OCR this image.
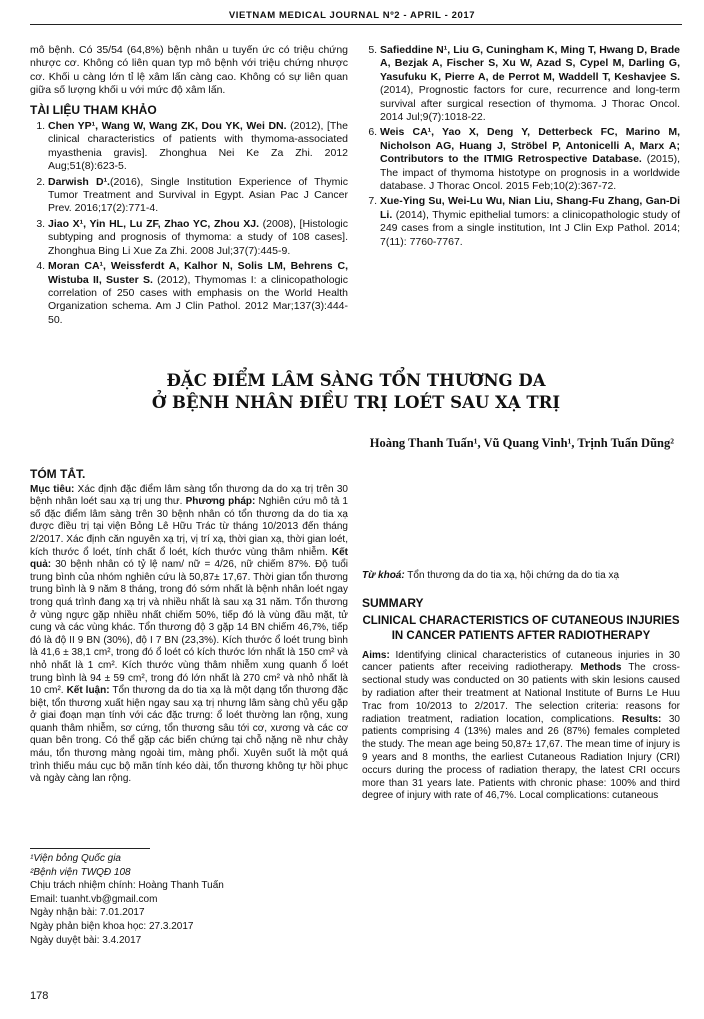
VIETNAM MEDICAL JOURNAL Nº2 - APRIL - 2017

mô bệnh. Có 35/54 (64,8%) bệnh nhân u tuyến ức có triệu chứng nhược cơ. Không có liên quan typ mô bệnh với triệu chứng nhược cơ. Khối u càng lớn tỉ lệ xâm lấn càng cao. Không có sự liên quan giữa số lượng khối u với mức độ xâm lấn.

TÀI LIỆU THAM KHẢO
1. Chen YP¹, Wang W, Wang ZK, Dou YK, Wei DN. (2012), [The clinical characteristics of patients with thymoma-associated myasthenia gravis]. Zhonghua Nei Ke Za Zhi. 2012 Aug;51(8):623-5.
2. Darwish D¹.(2016), Single Institution Experience of Thymic Tumor Treatment and Survival in Egypt. Asian Pac J Cancer Prev. 2016;17(2):771-4.
3. Jiao X¹, Yin HL, Lu ZF, Zhao YC, Zhou XJ. (2008), [Histologic subtyping and prognosis of thymoma: a study of 108 cases]. Zhonghua Bing Li Xue Za Zhi. 2008 Jul;37(7):445-9.
4. Moran CA¹, Weissferdt A, Kalhor N, Solis LM, Behrens C, Wistuba II, Suster S. (2012), Thymomas I: a clinicopathologic correlation of 250 cases with emphasis on the World Health Organization schema. Am J Clin Pathol. 2012 Mar;137(3):444-50.
5. Safieddine N¹, Liu G, Cuningham K, Ming T, Hwang D, Brade A, Bezjak A, Fischer S, Xu W, Azad S, Cypel M, Darling G, Yasufuku K, Pierre A, de Perrot M, Waddell T, Keshavjee S. (2014), Prognostic factors for cure, recurrence and long-term survival after surgical resection of thymoma. J Thorac Oncol. 2014 Jul;9(7):1018-22.
6. Weis CA¹, Yao X, Deng Y, Detterbeck FC, Marino M, Nicholson AG, Huang J, Ströbel P, Antonicelli A, Marx A; Contributors to the ITMIG Retrospective Database. (2015), The impact of thymoma histotype on prognosis in a worldwide database. J Thorac Oncol. 2015 Feb;10(2):367-72.
7. Xue-Ying Su, Wei-Lu Wu, Nian Liu, Shang-Fu Zhang, Gan-Di Li. (2014), Thymic epithelial tumors: a clinicopathologic study of 249 cases from a single institution, Int J Clin Exp Pathol. 2014; 7(11): 7760-7767.
ĐẶC ĐIỂM LÂM SÀNG TỔN THƯƠNG DA
Ở BỆNH NHÂN ĐIỀU TRỊ LOÉT SAU XẠ TRỊ
Hoàng Thanh Tuấn¹, Vũ Quang Vinh¹, Trịnh Tuấn Dũng²
TÓM TẮT.

Mục tiêu: Xác định đặc điểm lâm sàng tổn thương da do xạ trị trên 30 bệnh nhân loét sau xạ trị ung thư. Phương pháp: Nghiên cứu mô tả 1 số đặc điểm lâm sàng trên 30 bệnh nhân có tổn thương da do tia xạ được điều trị tại viện Bỏng Lê Hữu Trác từ tháng 10/2013 đến tháng 2/2017. Xác định căn nguyên xạ trị, vị trí xạ, thời gian xạ, thời gian loét, kích thước ổ loét, tính chất ổ loét, kích thước vùng thâm nhiễm. Kết quả: 30 bệnh nhân có tỷ lệ nam/ nữ = 4/26, nữ chiếm 87%. Độ tuổi trung bình của nhóm nghiên cứu là 50,87± 17,67. Thời gian tổn thương trung bình là 9 năm 8 tháng, trong đó sớm nhất là bệnh nhân loét ngay trong quá trình đang xạ trị và nhiều nhất là sau xạ 31 năm. Tổn thương ở vùng ngực gặp nhiều nhất chiếm 50%, tiếp đó là vùng đầu mặt, tử cung và các vùng khác. Tổn thương độ 3 gặp 14 BN chiếm 46,7%, tiếp đó là độ II 9 BN (30%), độ I 7 BN (23,3%). Kích thước ổ loét trung bình là 41,6 ± 38,1 cm², trong đó ổ loét có kích thước lớn nhất là 150 cm² và nhỏ nhất là 1 cm². Kích thước vùng thâm nhiễm xung quanh ổ loét trung bình là 94 ± 59 cm², trong đó lớn nhất là 270 cm² và nhỏ nhất là 10 cm². Kết luận: Tổn thương da do tia xạ là một dạng tổn thương đặc biệt, tổn thương xuất hiện ngay sau xạ trị nhưng lâm sàng chủ yếu gặp ở giai đoạn mạn tính với các đặc trưng: ổ loét thường lan rộng, xung quanh thâm nhiễm, sơ cứng, tổn thương sâu tới cơ, xương và các cơ quan bên trong. Có thể gặp các biến chứng tại chỗ nặng nề như chảy máu, tổn thương màng ngoài tim, màng phổi. Xuyên suốt là một quá trình thiếu máu cục bộ mãn tính kéo dài, tổn thương không tự hồi phục và ngày càng lan rộng.

¹Viện bỏng Quốc gia
²Bệnh viện TWQĐ 108
Chịu trách nhiệm chính: Hoàng Thanh Tuấn
Email: tuanht.vb@gmail.com
Ngày nhận bài: 7.01.2017
Ngày phản biện khoa học: 27.3.2017
Ngày duyệt bài: 3.4.2017

Từ khoá: Tổn thương da do tia xạ, hội chứng da do tia xạ

SUMMARY
CLINICAL CHARACTERISTICS OF CUTANEOUS INJURIES IN CANCER PATIENTS AFTER RADIOTHERAPY

Aims: Identifying clinical characteristics of cutaneous injuries in 30 cancer patients after receiving radiotherapy. Methods The cross-sectional study was conducted on 30 patients with skin lesions caused by radiation after their treatment at National Institute of Burns Le Huu Trac from 10/2013 to 2/2017. The selection criteria: reasons for radiation treatment, radiation location, complications. Results: 30 patients comprising 4 (13%) males and 26 (87%) females completed the study. The mean age being 50,87± 17,67. The mean time of injury is 9 years and 8 months, the earliest Cutaneous Radiation Injury (CRI) occurs during the process of radiation therapy, the latest CRI occurs more than 31 years late. Patients with chronic phase: 100% and third degree of injury with rate of 46,7%. Local complications: cutaneous

178
